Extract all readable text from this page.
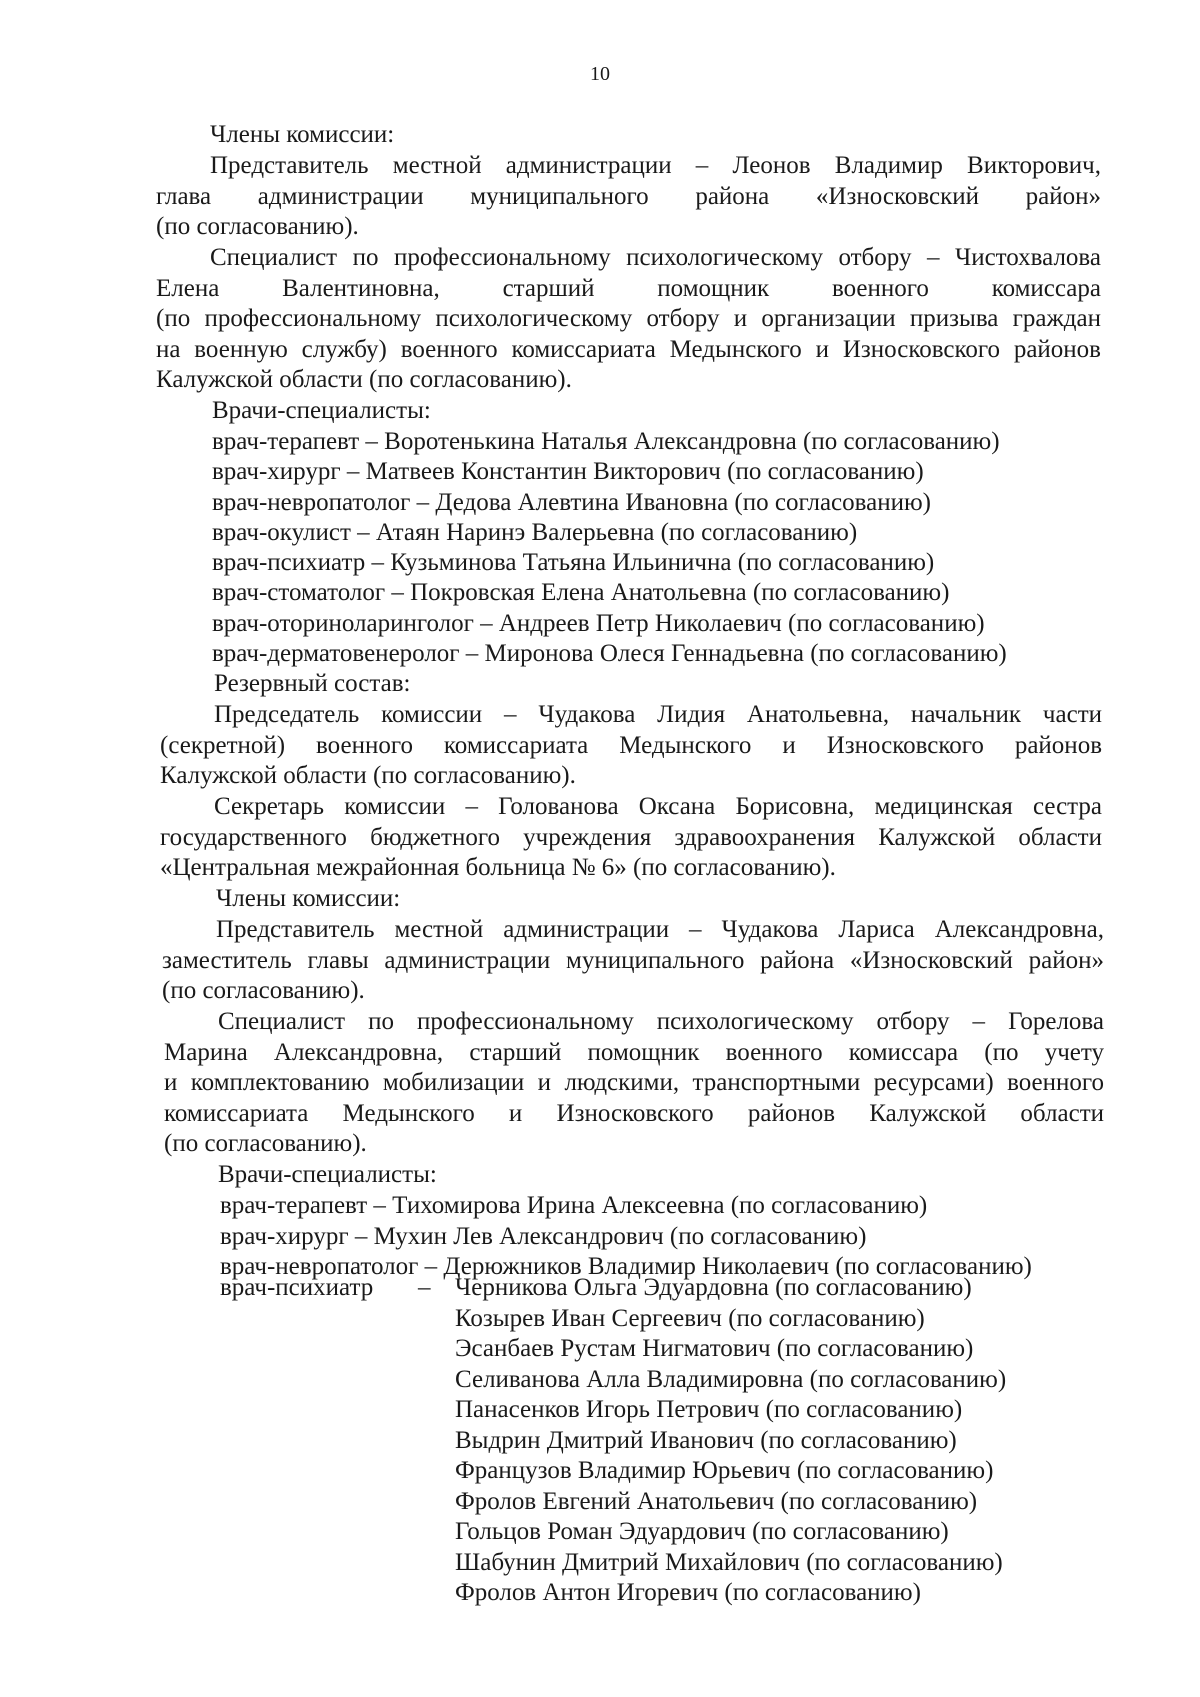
10
Члены комиссии:
Представитель местной администрации – Леонов Владимир Викторович,
глава администрации муниципального района «Износковский район»
(по согласованию).
Специалист по профессиональному психологическому отбору – Чистохвалова
Елена Валентиновна, старший помощник военного комиссара
(по профессиональному психологическому отбору и организации призыва граждан
на военную службу) военного комиссариата Медынского и Износковского районов
Калужской области (по согласованию).
Врачи-специалисты:
врач-терапевт – Воротенькина Наталья Александровна (по согласованию)
врач-хирург – Матвеев Константин Викторович (по согласованию)
врач-невропатолог – Дедова Алевтина Ивановна (по согласованию)
врач-окулист – Атаян Наринэ Валерьевна (по согласованию)
врач-психиатр – Кузьминова Татьяна Ильинична (по согласованию)
врач-стоматолог – Покровская Елена Анатольевна (по согласованию)
врач-оториноларинголог – Андреев Петр Николаевич (по согласованию)
врач-дерматовенеролог – Миронова Олеся Геннадьевна (по согласованию)
Резервный состав:
Председатель комиссии – Чудакова Лидия Анатольевна, начальник части
(секретной) военного комиссариата Медынского и Износковского районов
Калужской области (по согласованию).
Секретарь комиссии – Голованова Оксана Борисовна, медицинская сестра
государственного бюджетного учреждения здравоохранения Калужской области
«Центральная межрайонная больница № 6» (по согласованию).
Члены комиссии:
Представитель местной администрации – Чудакова Лариса Александровна,
заместитель главы администрации муниципального района «Износковский район»
(по согласованию).
Специалист по профессиональному психологическому отбору – Горелова
Марина Александровна, старший помощник военного комиссара (по учету
и комплектованию мобилизации и людскими, транспортными ресурсами) военного
комиссариата Медынского и Износковского районов Калужской области
(по согласованию).
Врачи-специалисты:
врач-терапевт – Тихомирова Ирина Алексеевна (по согласованию)
врач-хирург – Мухин Лев Александрович (по согласованию)
врач-невропатолог – Дерюжников Владимир Николаевич (по согласованию)
врач-психиатр – Черникова Ольга Эдуардовна (по согласованию)
Козырев Иван Сергеевич (по согласованию)
Эсанбаев Рустам Нигматович (по согласованию)
Селиванова Алла Владимировна (по согласованию)
Панасенков Игорь Петрович (по согласованию)
Выдрин Дмитрий Иванович (по согласованию)
Французов Владимир Юрьевич (по согласованию)
Фролов Евгений Анатольевич (по согласованию)
Гольцов Роман Эдуардович (по согласованию)
Шабунин Дмитрий Михайлович (по согласованию)
Фролов Антон Игоревич (по согласованию)
